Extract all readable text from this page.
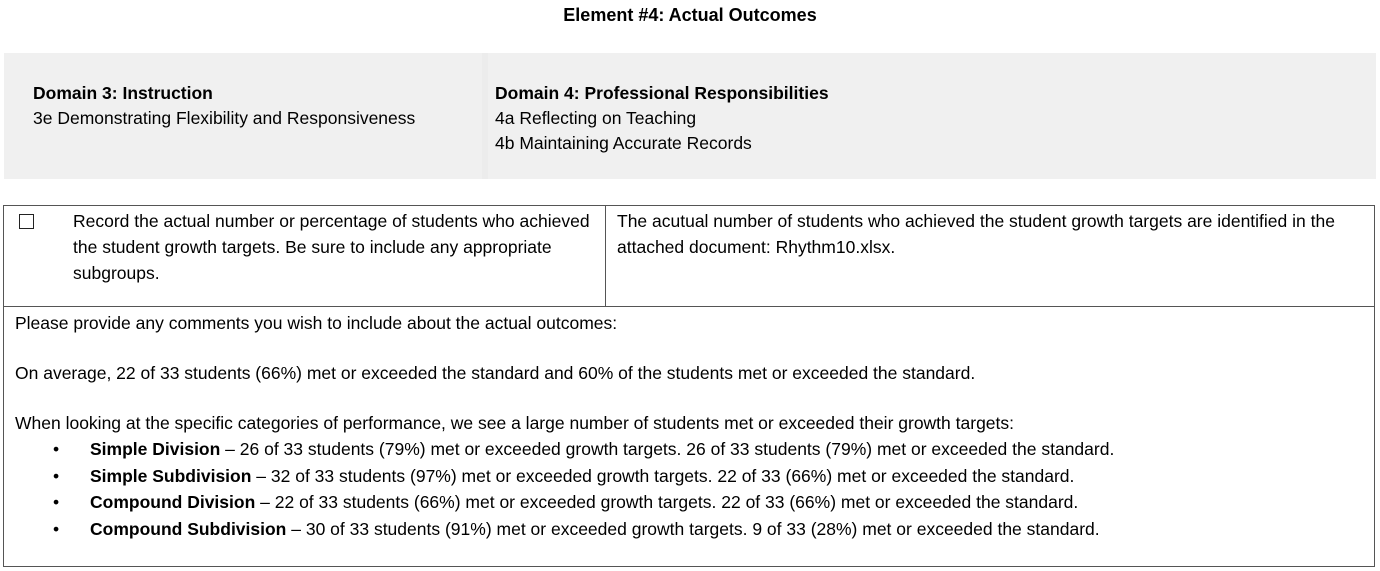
Element #4: Actual Outcomes
Domain 3: Instruction
3e Demonstrating Flexibility and Responsiveness
Domain 4: Professional Responsibilities
4a Reflecting on Teaching
4b Maintaining Accurate Records
Record the actual number or percentage of students who achieved the student growth targets. Be sure to include any appropriate subgroups.
The acutual number of students who achieved the student growth targets are identified in the attached document: Rhythm10.xlsx.

Please provide any comments you wish to include about the actual outcomes:

On average, 22 of 33 students (66%) met or exceeded the standard and 60% of the students met or exceeded the standard.

When looking at the specific categories of performance, we see a large number of students met or exceeded their growth targets:

• Simple Division – 26 of 33 students (79%) met or exceeded growth targets. 26 of 33 students (79%) met or exceeded the standard.
• Simple Subdivision – 32 of 33 students (97%) met or exceeded growth targets. 22 of 33 (66%) met or exceeded the standard.
• Compound Division – 22 of 33 students (66%) met or exceeded growth targets. 22 of 33 (66%) met or exceeded the standard.
• Compound Subdivision – 30 of 33 students (91%) met or exceeded growth targets. 9 of 33 (28%) met or exceeded the standard.
